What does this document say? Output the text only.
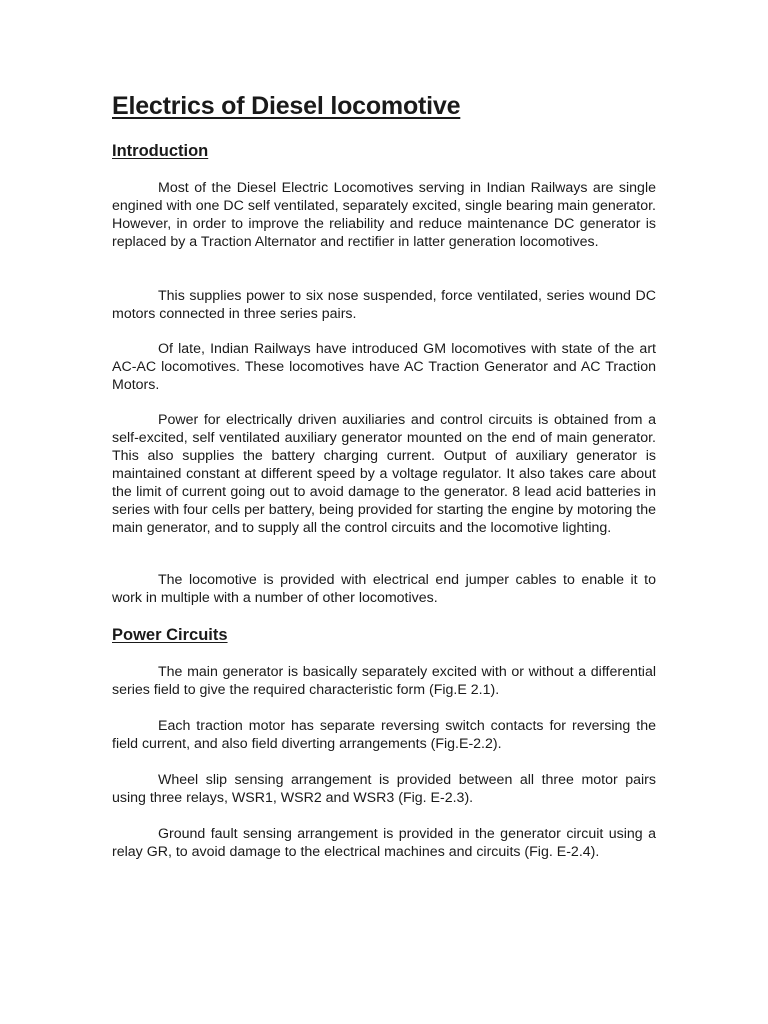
Electrics of Diesel locomotive
Introduction

Most of the Diesel Electric Locomotives serving in Indian Railways are single engined with one DC self ventilated, separately excited, single bearing main generator. However, in order to improve the reliability and reduce maintenance DC generator is replaced by a Traction Alternator and rectifier in latter generation locomotives.

This supplies power to six nose suspended, force ventilated, series wound DC motors connected in three series pairs.

Of late, Indian Railways have introduced GM locomotives with state of the art AC-AC locomotives. These locomotives have AC Traction Generator and AC Traction Motors.

Power for electrically driven auxiliaries and control circuits is obtained from a self-excited, self ventilated auxiliary generator mounted on the end of main generator. This also supplies the battery charging current. Output of auxiliary generator is maintained constant at different speed by a voltage regulator. It also takes care about the limit of current going out to avoid damage to the generator. 8 lead acid batteries in series with four cells per battery, being provided for starting the engine by motoring the main generator, and to supply all the control circuits and the locomotive lighting.

The locomotive is provided with electrical end jumper cables to enable it to work in multiple with a number of other locomotives.

Power Circuits

The main generator is basically separately excited with or without a differential series field to give the required characteristic form (Fig.E 2.1).

Each traction motor has separate reversing switch contacts for reversing the field current, and also field diverting arrangements (Fig.E-2.2).

Wheel slip sensing arrangement is provided between all three motor pairs using three relays, WSR1, WSR2 and WSR3 (Fig. E-2.3).

Ground fault sensing arrangement is provided in the generator circuit using a relay GR, to avoid damage to the electrical machines and circuits (Fig. E-2.4).
